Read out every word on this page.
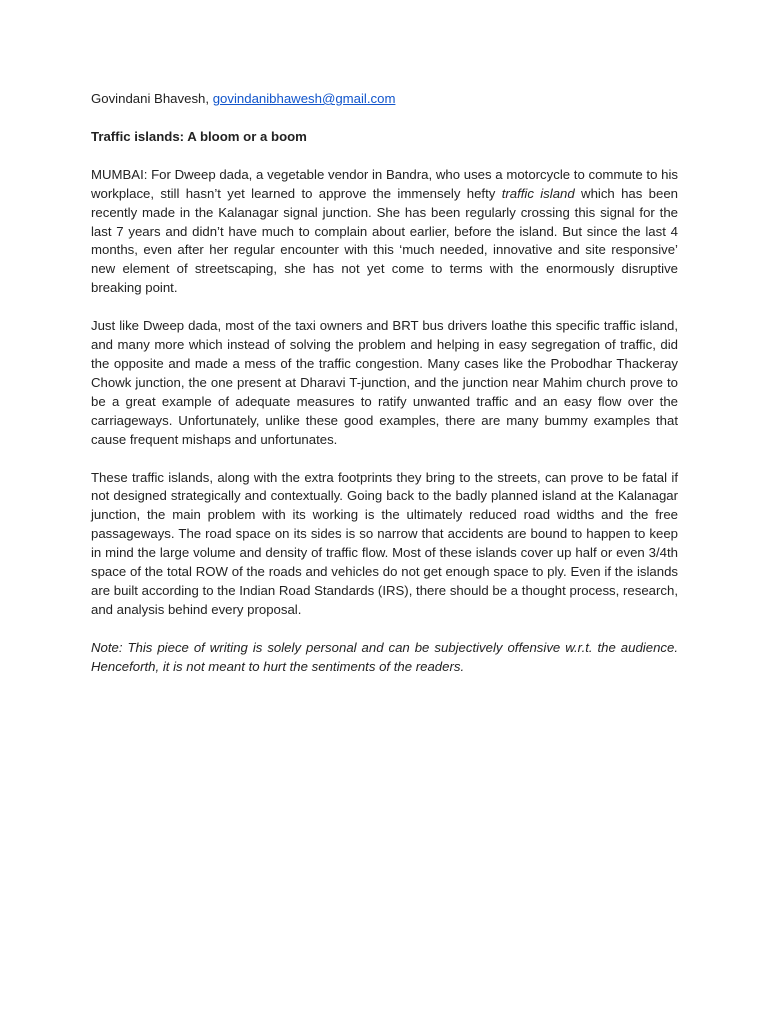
Govindani Bhavesh, govindanibhawesh@gmail.com

Traffic islands: A bloom or a boom

MUMBAI: For Dweep dada, a vegetable vendor in Bandra, who uses a motorcycle to commute to his workplace, still hasn’t yet learned to approve the immensely hefty traffic island which has been recently made in the Kalanagar signal junction. She has been regularly crossing this signal for the last 7 years and didn’t have much to complain about earlier, before the island. But since the last 4 months, even after her regular encounter with this ‘much needed, innovative and site responsive’ new element of streetscaping, she has not yet come to terms with the enormously disruptive breaking point.

Just like Dweep dada, most of the taxi owners and BRT bus drivers loathe this specific traffic island, and many more which instead of solving the problem and helping in easy segregation of traffic, did the opposite and made a mess of the traffic congestion. Many cases like the Probodhar Thackeray Chowk junction, the one present at Dharavi T-junction, and the junction near Mahim church prove to be a great example of adequate measures to ratify unwanted traffic and an easy flow over the carriageways. Unfortunately, unlike these good examples, there are many bummy examples that cause frequent mishaps and unfortunates.

These traffic islands, along with the extra footprints they bring to the streets, can prove to be fatal if not designed strategically and contextually. Going back to the badly planned island at the Kalanagar junction, the main problem with its working is the ultimately reduced road widths and the free passageways. The road space on its sides is so narrow that accidents are bound to happen to keep in mind the large volume and density of traffic flow. Most of these islands cover up half or even 3/4th space of the total ROW of the roads and vehicles do not get enough space to ply. Even if the islands are built according to the Indian Road Standards (IRS), there should be a thought process, research, and analysis behind every proposal.

Note: This piece of writing is solely personal and can be subjectively offensive w.r.t. the audience. Henceforth, it is not meant to hurt the sentiments of the readers.
